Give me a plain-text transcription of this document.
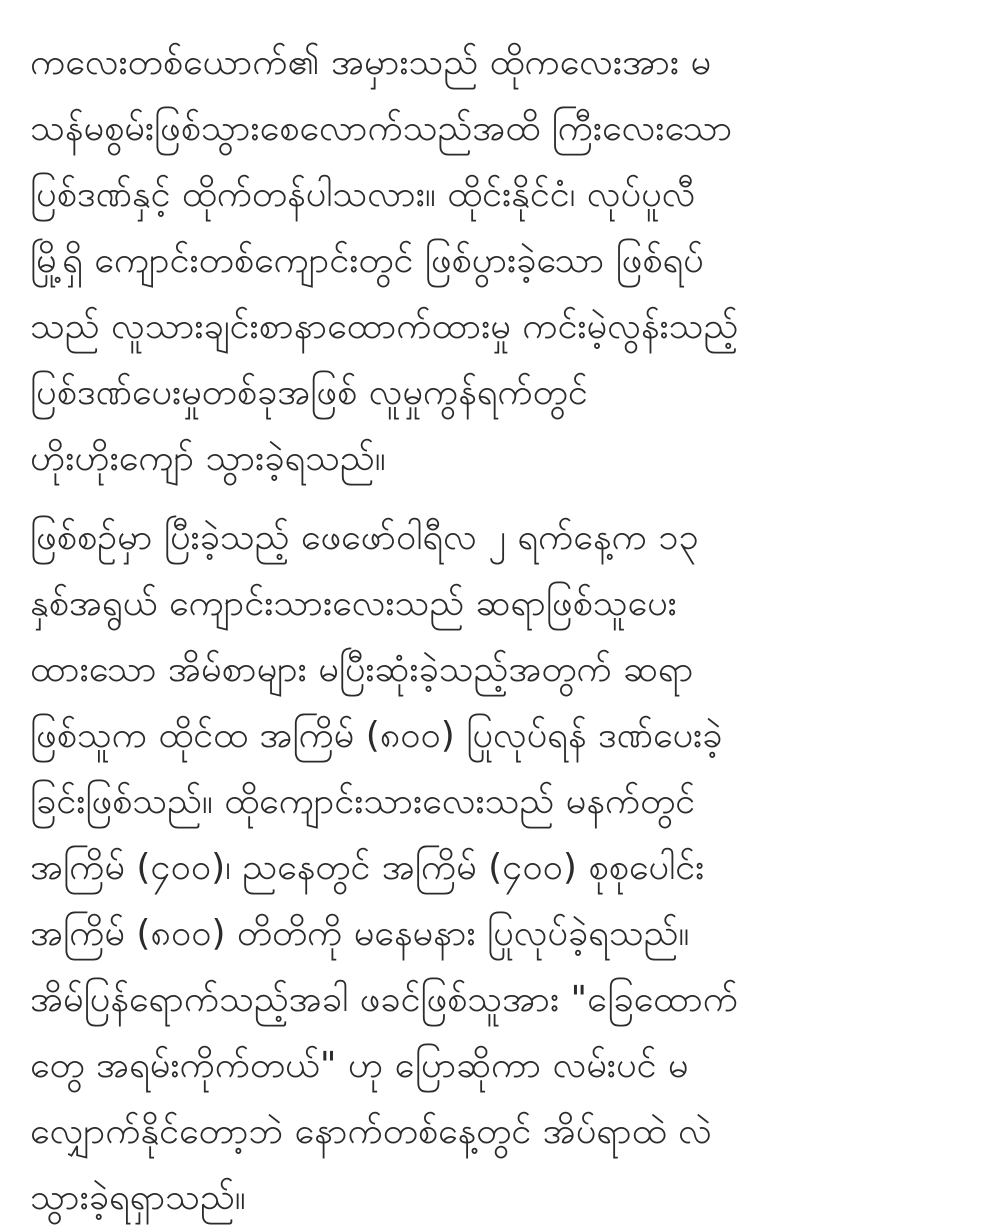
ကလေးတစ်ယောက်၏ အမှားသည် ထိုကလေးအား မ
သန်မစွမ်းဖြစ်သွားစေလောက်သည်အထိ ကြီးလေးသော
ပြစ်ဒဏ်နှင့် ထိုက်တန်ပါသလား။ ထိုင်းနိုင်ငံ၊ လုပ်ပူလီ
မြို့ရှိ ကျောင်းတစ်ကျောင်းတွင် ဖြစ်ပွားခဲ့သော ဖြစ်ရပ်
သည် လူသားချင်းစာနာထောက်ထားမှု ကင်းမဲ့လွန်းသည့်
ပြစ်ဒဏ်ပေးမှုတစ်ခုအဖြစ် လူမှုကွန်ရက်တွင်
ဟိုးဟိုးကျော် သွားခဲ့ရသည်။
ဖြစ်စဉ်မှာ ပြီးခဲ့သည့် ဖေဖော်ဝါရီလ ၂ ရက်နေ့က ၁၃
နှစ်အရွယ် ကျောင်းသားလေးသည် ဆရာဖြစ်သူပေး
ထားသော အိမ်စာများ မပြီးဆုံးခဲ့သည့်အတွက် ဆရာ
ဖြစ်သူက ထိုင်ထ အကြိမ် (၈၀၀) ပြုလုပ်ရန် ဒဏ်ပေးခဲ့
ခြင်းဖြစ်သည်။ ထိုကျောင်းသားလေးသည် မနက်တွင်
အကြိမ် (၄၀၀)၊ ညနေတွင် အကြိမ် (၄၀၀) စုစုပေါင်း
အကြိမ် (၈၀၀) တိတိကို မနေမနား ပြုလုပ်ခဲ့ရသည်။
အိမ်ပြန်ရောက်သည့်အခါ ဖခင်ဖြစ်သူအား "ခြေထောက်
တွေ အရမ်းကိုက်တယ်" ဟု ပြောဆိုကာ လမ်းပင် မ
လျှောက်နိုင်တော့ဘဲ နောက်တစ်နေ့တွင် အိပ်ရာထဲ လဲ
သွားခဲ့ရရှာသည်။
